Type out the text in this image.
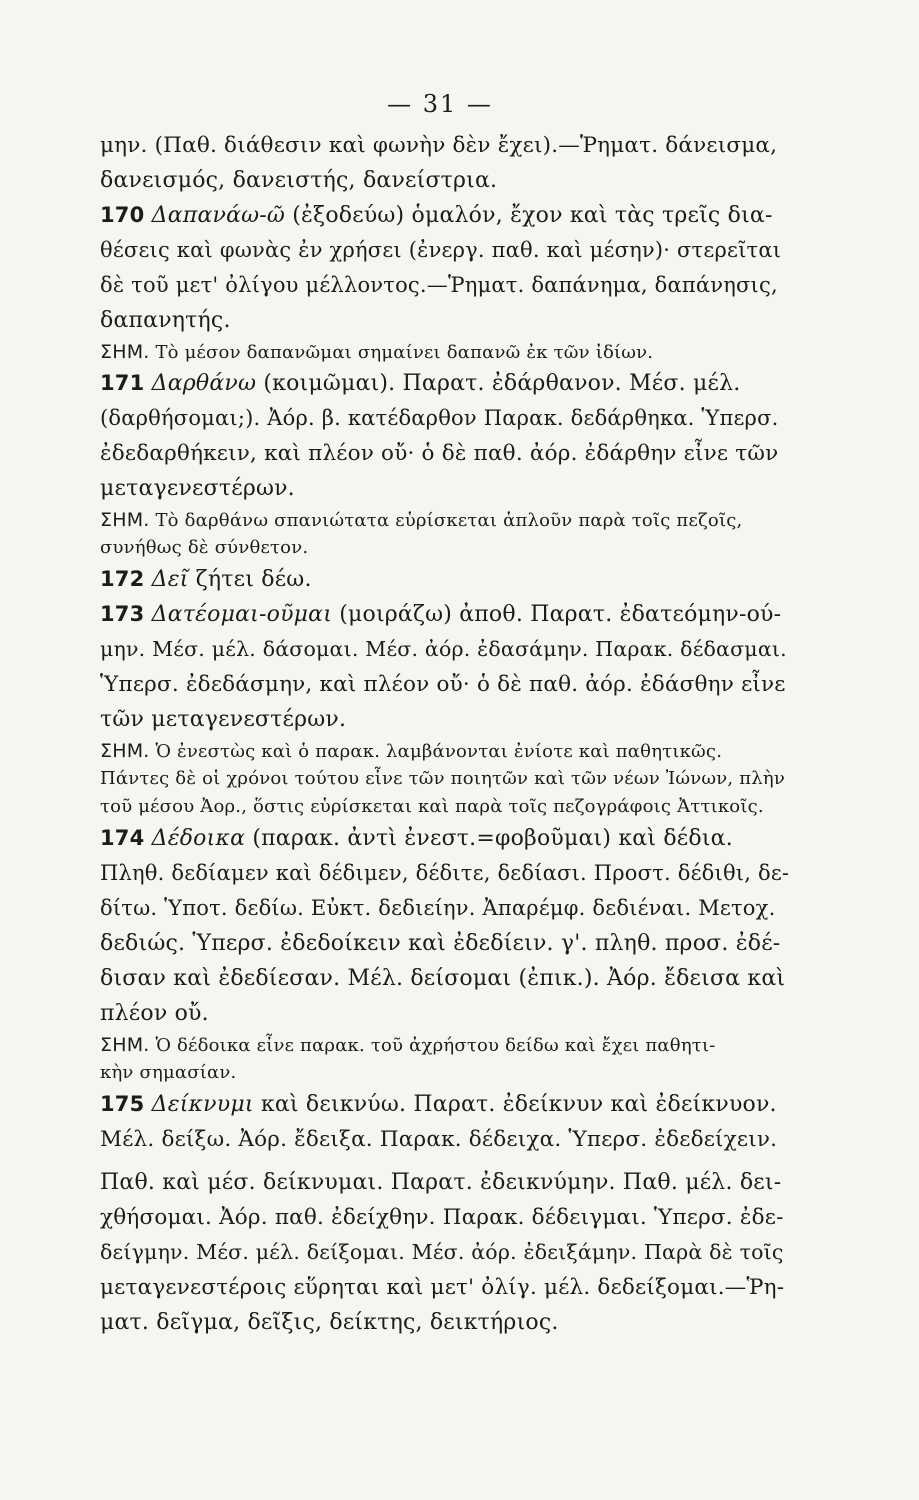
— 31 —
μην. (Παθ. διάθεσιν καὶ φωνὴν δὲν ἔχει).—Ῥηματ. δάνεισμα,
δανεισμός, δανειστής, δανείστρια.
170 Δαπανάω-ῶ (ἐξοδεύω) ὁμαλόν, ἔχον καὶ τὰς τρεῖς δια-
θέσεις καὶ φωνὰς ἐν χρήσει (ἐνεργ. παθ. καὶ μέσην)· στερεῖται
δὲ τοῦ μετ' ὀλίγου μέλλοντος.—Ῥηματ. δαπάνημα, δαπάνησις,
δαπανητής.
ΣΗΜ. Τὸ μέσον δαπανῶμαι σημαίνει δαπανῶ ἐκ τῶν ἰδίων.
171 Δαρθάνω (κοιμῶμαι). Παρατ. ἐδάρθανον. Μέσ. μέλ.
(δαρθήσομαι;). Ἀόρ. β. κατέδαρθον Παρακ. δεδάρθηκα. Ὑπερσ.
ἐδεδαρθήκειν, καὶ πλέον οὔ· ὁ δὲ παθ. ἀόρ. ἐδάρθην εἶνε τῶν
μεταγενεστέρων.
ΣΗΜ. Τὸ δαρθάνω σπανιώτατα εὑρίσκεται ἁπλοῦν παρὰ τοῖς πεζοῖς,
συνήθως δὲ σύνθετον.
172 Δεῖ ζήτει δέω.
173 Δατέομαι-οῦμαι (μοιράζω) ἀποθ. Παρατ. ἐδατεόμην-ού-
μην. Μέσ. μέλ. δάσομαι. Μέσ. ἀόρ. ἐδασάμην. Παρακ. δέδασμαι.
Ὑπερσ. ἐδεδάσμην, καὶ πλέον οὔ· ὁ δὲ παθ. ἀόρ. ἐδάσθην εἶνε
τῶν μεταγενεστέρων.
ΣΗΜ. Ὁ ἐνεστὼς καὶ ὁ παρακ. λαμβάνονται ἐνίοτε καὶ παθητικῶς.
Πάντες δὲ οἱ χρόνοι τούτου εἶνε τῶν ποιητῶν καὶ τῶν νέων Ἰώνων, πλὴν
τοῦ μέσου Ἀορ., ὅστις εὑρίσκεται καὶ παρὰ τοῖς πεζογράφοις Ἀττικοῖς.
174 Δέδοικα (παρακ. ἀντὶ ἐνεστ.=φοβοῦμαι) καὶ δέδια.
Πληθ. δεδίαμεν καὶ δέδιμεν, δέδιτε, δεδίασι. Προστ. δέδιθι, δε-
δίτω. Ὑποτ. δεδίω. Εὐκτ. δεδιείην. Ἀπαρέμφ. δεδιέναι. Μετοχ.
δεδιώς. Ὑπερσ. ἐδεδοίκειν καὶ ἐδεδίειν. γ'. πληθ. προσ. ἐδέ-
δισαν καὶ ἐδεδίεσαν. Μέλ. δείσομαι (ἐπικ.). Ἀόρ. ἔδεισα καὶ
πλέον οὔ.
ΣΗΜ. Ὁ δέδοικα εἶνε παρακ. τοῦ ἀχρήστου δείδω καὶ ἔχει παθητι-
κὴν σημασίαν.
175 Δείκνυμι καὶ δεικνύω. Παρατ. ἐδείκνυν καὶ ἐδείκνυον.
Μέλ. δείξω. Ἀόρ. ἔδειξα. Παρακ. δέδειχα. Ὑπερσ. ἐδεδείχειν.
Παθ. καὶ μέσ. δείκνυμαι. Παρατ. ἐδεικνύμην. Παθ. μέλ. δει-
χθήσομαι. Ἀόρ. παθ. ἐδείχθην. Παρακ. δέδειγμαι. Ὑπερσ. ἐδε-
δείγμην. Μέσ. μέλ. δείξομαι. Μέσ. ἀόρ. ἐδειξάμην. Παρὰ δὲ τοῖς
μεταγενεστέροις εὕρηται καὶ μετ' ὀλίγ. μέλ. δεδείξομαι.—Ῥη-
ματ. δεῖγμα, δεῖξις, δείκτης, δεικτήριος.
